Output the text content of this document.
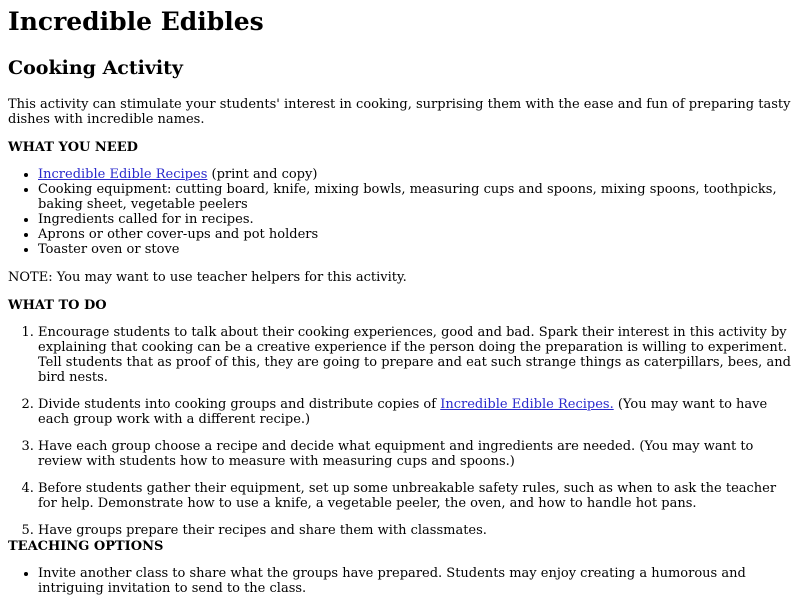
Incredible Edibles
Cooking Activity

This activity can stimulate your students' interest in cooking, surprising them with the ease and fun of preparing tasty dishes with incredible names.

WHAT YOU NEED
• Incredible Edible Recipes (print and copy)
• Cooking equipment: cutting board, knife, mixing bowls, measuring cups and spoons, mixing spoons, toothpicks, baking sheet, vegetable peelers
• Ingredients called for in recipes.
• Aprons or other cover-ups and pot holders
• Toaster oven or stove

NOTE: You may want to use teacher helpers for this activity.

WHAT TO DO
1. Encourage students to talk about their cooking experiences, good and bad. Spark their interest in this activity by explaining that cooking can be a creative experience if the person doing the preparation is willing to experiment. Tell students that as proof of this, they are going to prepare and eat such strange things as caterpillars, bees, and bird nests.
2. Divide students into cooking groups and distribute copies of Incredible Edible Recipes. (You may want to have each group work with a different recipe.)
3. Have each group choose a recipe and decide what equipment and ingredients are needed. (You may want to review with students how to measure with measuring cups and spoons.)
4. Before students gather their equipment, set up some unbreakable safety rules, such as when to ask the teacher for help. Demonstrate how to use a knife, a vegetable peeler, the oven, and how to handle hot pans.
5. Have groups prepare their recipes and share them with classmates.
TEACHING OPTIONS
• Invite another class to share what the groups have prepared. Students may enjoy creating a humorous and intriguing invitation to send to the class.
